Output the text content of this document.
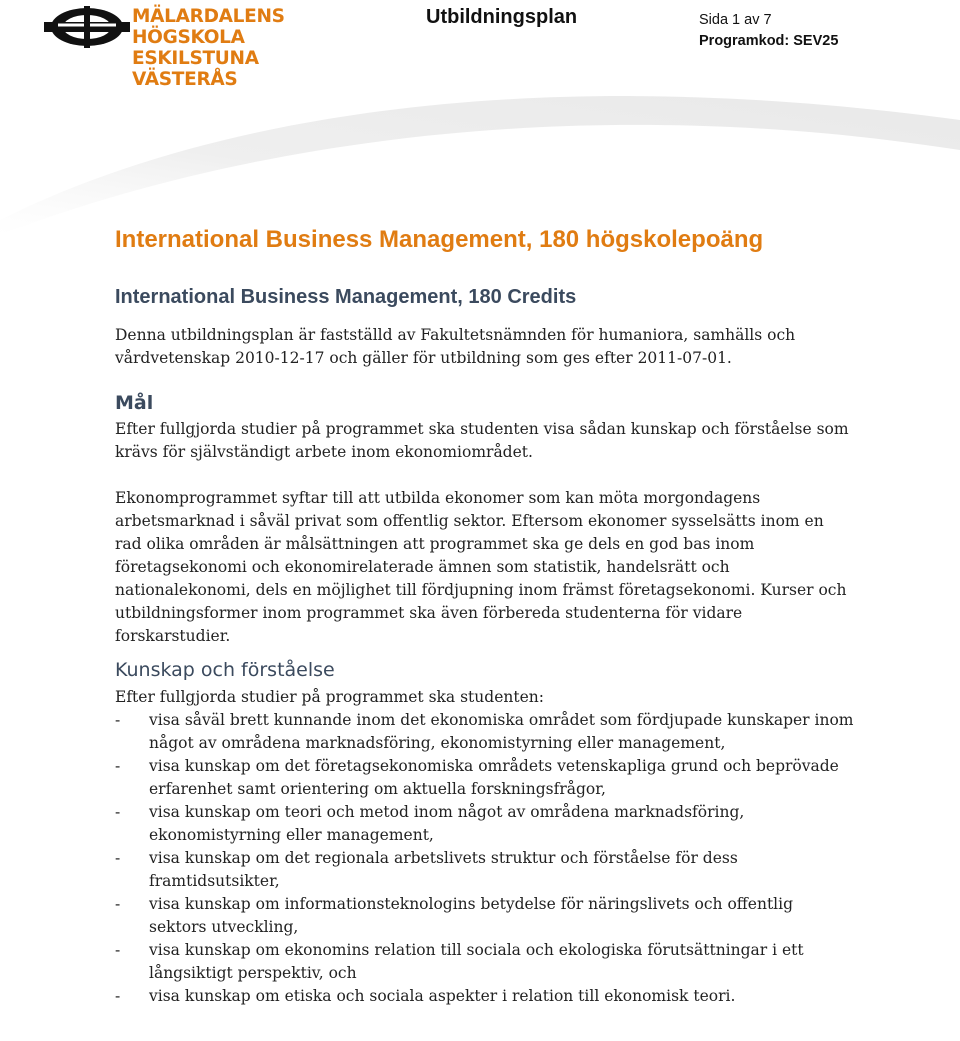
MÄLARDALENS HÖGSKOLA
ESKILSTUNA VÄSTERÅS
Utbildningsplan	Sida 1 av 7
Programkod: SEV25
International Business Management, 180 högskolepoäng
International Business Management, 180 Credits

Denna utbildningsplan är fastställd av Fakultetsnämnden för humaniora, samhälls och vårdvetenskap 2010-12-17 och gäller för utbildning som ges efter 2011-07-01.

Mål

Efter fullgjorda studier på programmet ska studenten visa sådan kunskap och förståelse som krävs för självständigt arbete inom ekonomiområdet.

Ekonomprogrammet syftar till att utbilda ekonomer som kan möta morgondagens arbetsmarknad i såväl privat som offentlig sektor. Eftersom ekonomer sysselsätts inom en rad olika områden är målsättningen att programmet ska ge dels en god bas inom företagsekonomi och ekonomirelaterade ämnen som statistik, handelsrätt och nationalekonomi, dels en möjlighet till fördjupning inom främst företagsekonomi. Kurser och utbildningsformer inom programmet ska även förbereda studenterna för vidare forskarstudier.

Kunskap och förståelse

Efter fullgjorda studier på programmet ska studenten:

- visa såväl brett kunnande inom det ekonomiska området som fördjupade kunskaper inom något av områdena marknadsföring, ekonomistyrning eller management,
- visa kunskap om det företagsekonomiska områdets vetenskapliga grund och beprövade erfarenhet samt orientering om aktuella forskningsfrågor,
- visa kunskap om teori och metod inom något av områdena marknadsföring, ekonomistyrning eller management,
- visa kunskap om det regionala arbetslivets struktur och förståelse för dess framtidsutsikter,
- visa kunskap om informationsteknologins betydelse för näringslivets och offentlig sektors utveckling,
- visa kunskap om ekonomins relation till sociala och ekologiska förutsättningar i ett långsiktigt perspektiv, och
- visa kunskap om etiska och sociala aspekter i relation till ekonomisk teori.
